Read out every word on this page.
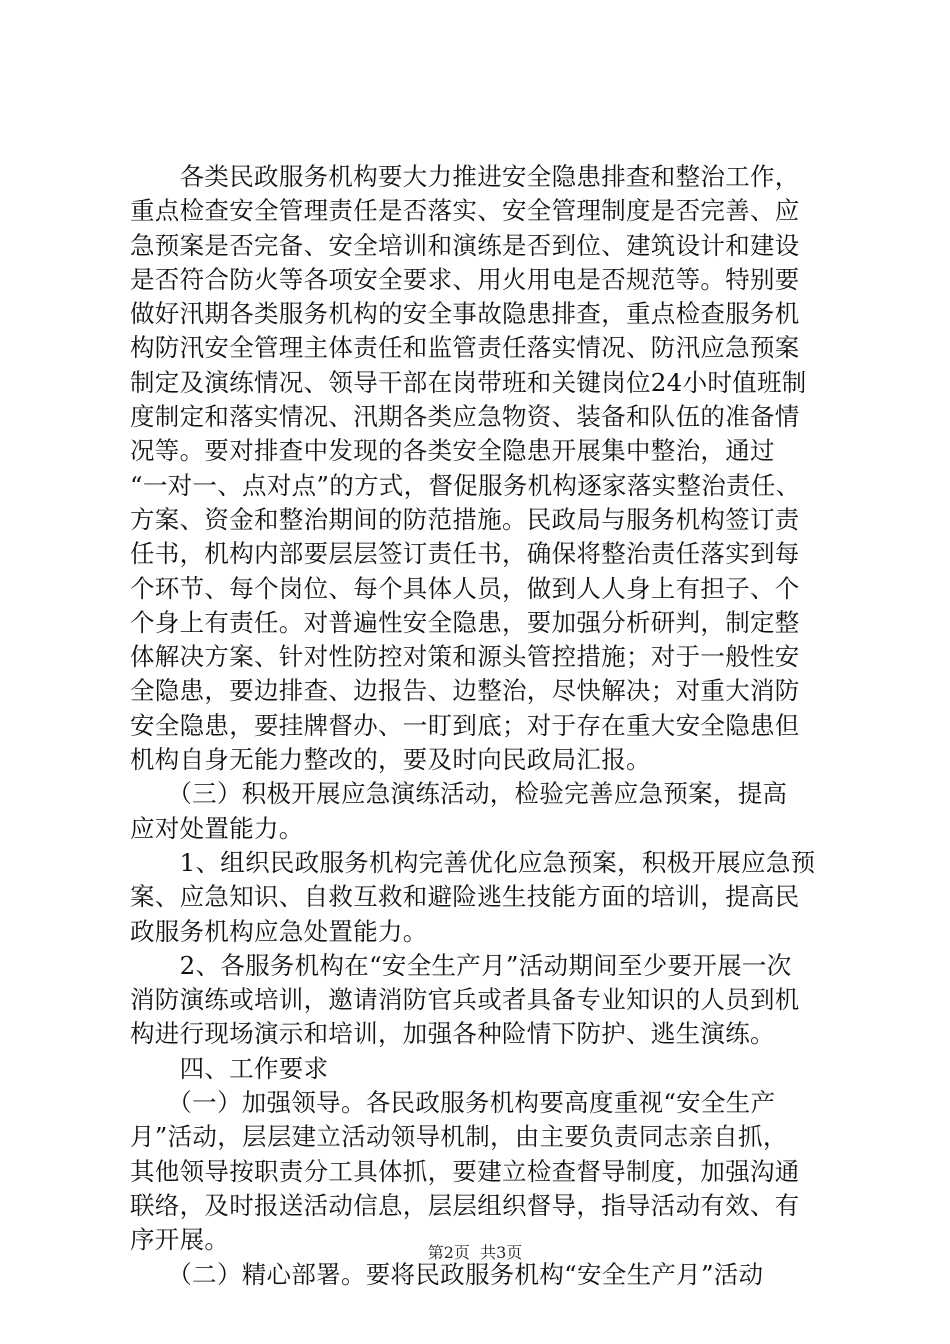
　　各类民政服务机构要大力推进安全隐患排查和整治工作，
重点检查安全管理责任是否落实、安全管理制度是否完善、应
急预案是否完备、安全培训和演练是否到位、建筑设计和建设
是否符合防火等各项安全要求、用火用电是否规范等。特别要
做好汛期各类服务机构的安全事故隐患排查，重点检查服务机
构防汛安全管理主体责任和监管责任落实情况、防汛应急预案
制定及演练情况、领导干部在岗带班和关键岗位24小时值班制
度制定和落实情况、汛期各类应急物资、装备和队伍的准备情
况等。要对排查中发现的各类安全隐患开展集中整治，通过
“一对一、点对点”的方式，督促服务机构逐家落实整治责任、
方案、资金和整治期间的防范措施。民政局与服务机构签订责
任书，机构内部要层层签订责任书，确保将整治责任落实到每
个环节、每个岗位、每个具体人员，做到人人身上有担子、个
个身上有责任。对普遍性安全隐患，要加强分析研判，制定整
体解决方案、针对性防控对策和源头管控措施；对于一般性安
全隐患，要边排查、边报告、边整治，尽快解决；对重大消防
安全隐患，要挂牌督办、一盯到底；对于存在重大安全隐患但
机构自身无能力整改的，要及时向民政局汇报。
　　（三）积极开展应急演练活动，检验完善应急预案，提高
应对处置能力。
　　1、组织民政服务机构完善优化应急预案，积极开展应急预
案、应急知识、自救互救和避险逃生技能方面的培训，提高民
政服务机构应急处置能力。
　　2、各服务机构在“安全生产月”活动期间至少要开展一次
消防演练或培训，邀请消防官兵或者具备专业知识的人员到机
构进行现场演示和培训，加强各种险情下防护、逃生演练。
　　四、工作要求
　　（一）加强领导。各民政服务机构要高度重视“安全生产
月”活动，层层建立活动领导机制，由主要负责同志亲自抓，
其他领导按职责分工具体抓，要建立检查督导制度，加强沟通
联络，及时报送活动信息，层层组织督导，指导活动有效、有
序开展。
　　（二）精心部署。要将民政服务机构“安全生产月”活动
第2页  共3页
